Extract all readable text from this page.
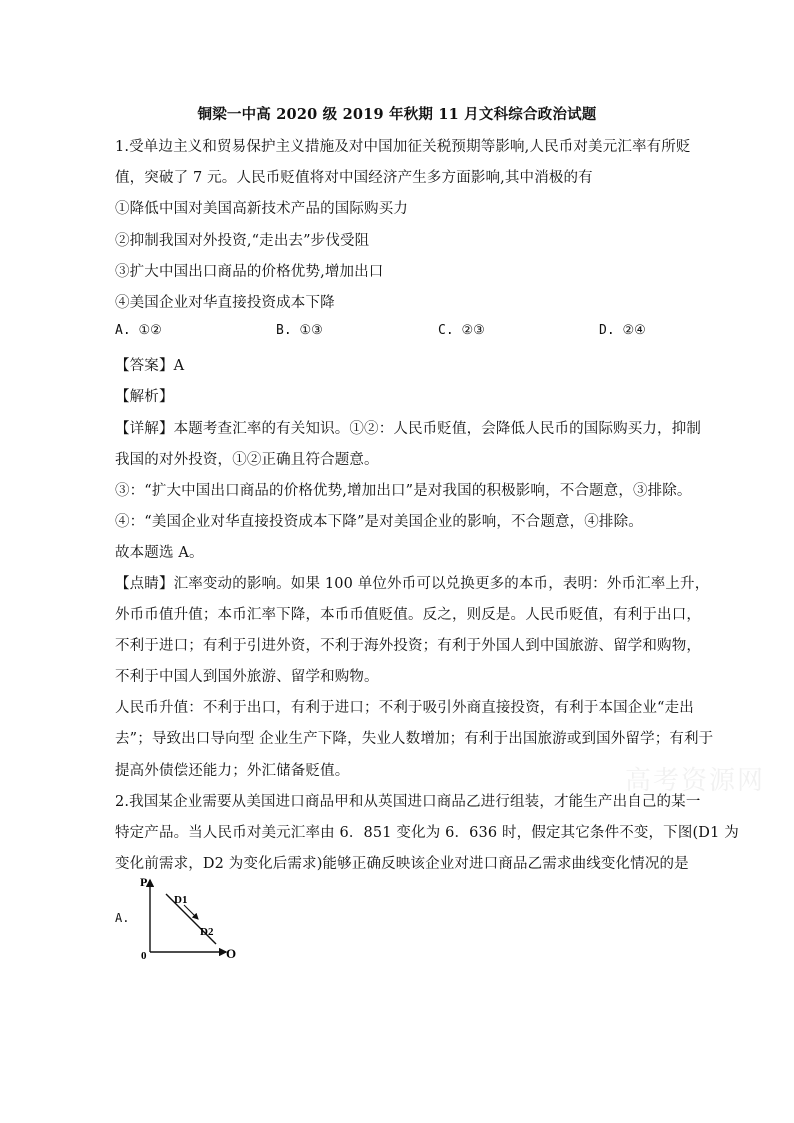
铜梁一中高 2020 级 2019 年秋期 11 月文科综合政治试题
1.受单边主义和贸易保护主义措施及对中国加征关税预期等影响,人民币对美元汇率有所贬
值，突破了 7 元。人民币贬值将对中国经济产生多方面影响,其中消极的有
①降低中国对美国高新技术产品的国际购买力
②抑制我国对外投资,“走出去”步伐受阻
③扩大中国出口商品的价格优势,增加出口
④美国企业对华直接投资成本下降
A. ①②	B. ①③	C. ②③	D. ②④
【答案】A
【解析】
【详解】本题考查汇率的有关知识。①②：人民币贬值，会降低人民币的国际购买力，抑制
我国的对外投资，①②正确且符合题意。
③：“扩大中国出口商品的价格优势,增加出口”是对我国的积极影响，不合题意，③排除。
④：“美国企业对华直接投资成本下降”是对美国企业的影响，不合题意，④排除。
故本题选 A。
【点睛】汇率变动的影响。如果 100 单位外币可以兑换更多的本币，表明：外币汇率上升，
外币币值升值；本币汇率下降，本币币值贬值。反之，则反是。人民币贬值，有利于出口，
不利于进口；有利于引进外资，不利于海外投资；有利于外国人到中国旅游、留学和购物，
不利于中国人到国外旅游、留学和购物。
人民币升值：不利于出口，有利于进口；不利于吸引外商直接投资，有利于本国企业“走出
去”；导致出口导向型 企业生产下降，失业人数增加；有利于出国旅游或到国外留学；有利于
提高外债偿还能力；外汇储备贬值。	高考资源网
2.我国某企业需要从美国进口商品甲和从英国进口商品乙进行组装，才能生产出自己的某一
特定产品。当人民币对美元汇率由 6．851 变化为 6．636 时，假定其它条件不变，下图(D1 为
变化前需求，D2 为变化后需求)能够正确反映该企业对进口商品乙需求曲线变化情况的是
A.
P
O
0
D1
D2
